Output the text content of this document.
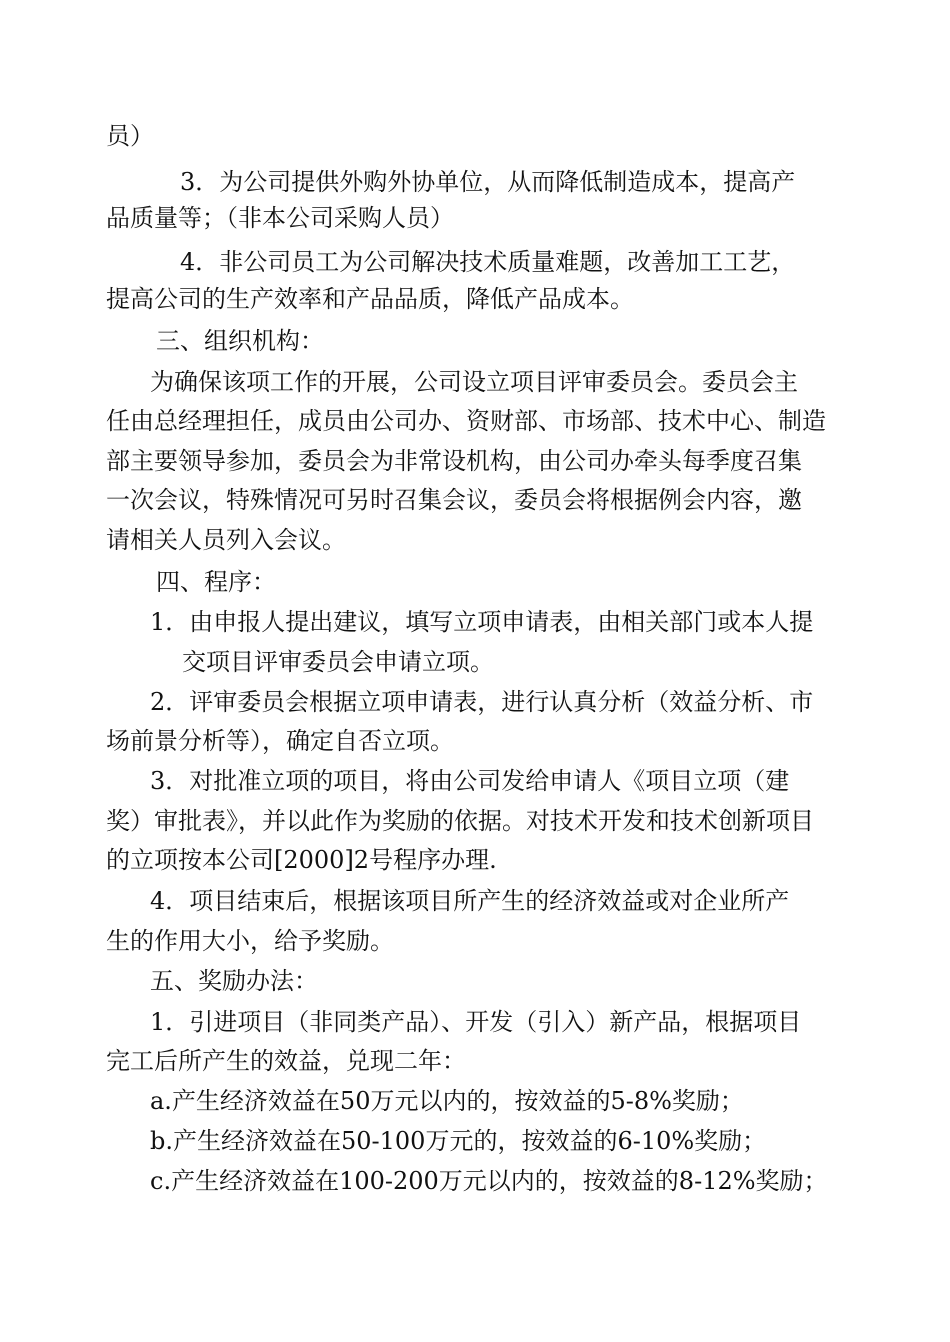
员）
3．为公司提供外购外协单位，从而降低制造成本，提高产
品质量等；（非本公司采购人员）
4．非公司员工为公司解决技术质量难题，改善加工工艺，
提高公司的生产效率和产品品质，降低产品成本。
三、组织机构：
为确保该项工作的开展，公司设立项目评审委员会。委员会主
任由总经理担任，成员由公司办、资财部、市场部、技术中心、制造
部主要领导参加，委员会为非常设机构，由公司办牵头每季度召集
一次会议，特殊情况可另时召集会议，委员会将根据例会内容，邀
请相关人员列入会议。
四、程序：
1．由申报人提出建议，填写立项申请表，由相关部门或本人提
交项目评审委员会申请立项。
2．评审委员会根据立项申请表，进行认真分析（效益分析、市
场前景分析等），确定自否立项。
3．对批准立项的项目，将由公司发给申请人《项目立项（建
奖）审批表》，并以此作为奖励的依据。对技术开发和技术创新项目
的立项按本公司[2000]2号程序办理.
4．项目结束后，根据该项目所产生的经济效益或对企业所产
生的作用大小，给予奖励。
五、奖励办法：
1．引进项目（非同类产品）、开发（引入）新产品，根据项目
完工后所产生的效益，兑现二年：
a.产生经济效益在50万元以内的，按效益的5-8%奖励；
b.产生经济效益在50-100万元的，按效益的6-10%奖励；
c.产生经济效益在100-200万元以内的，按效益的8-12%奖励；
